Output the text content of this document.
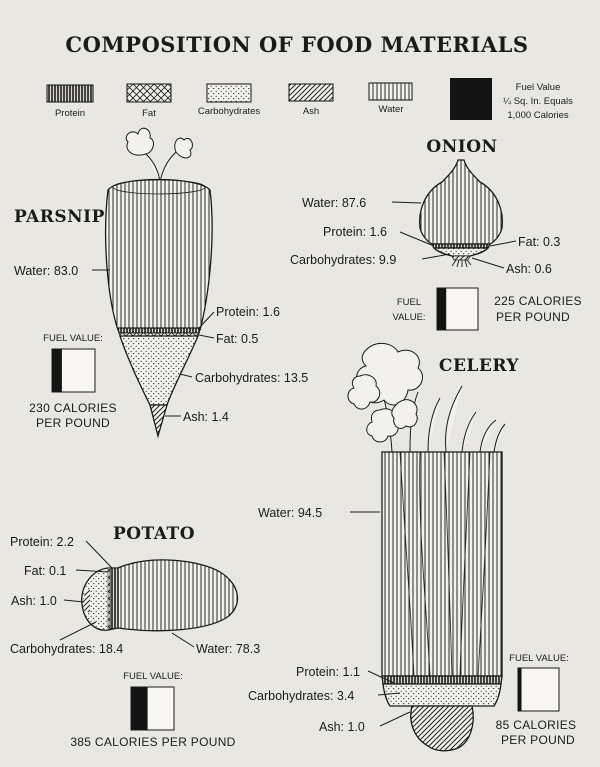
COMPOSITION OF FOOD MATERIALS
Protein	Fat	Carbohydrates	Ash	Water
Fuel Value
¼ Sq. In. Equals
1,000 Calories
PARSNIP
Water: 83.0
Protein: 1.6
Fat: 0.5
Carbohydrates: 13.5
Ash: 1.4
FUEL VALUE:
230 CALORIES
PER POUND
ONION
Water: 87.6
Protein: 1.6
Carbohydrates: 9.9
Fat: 0.3
Ash: 0.6
FUEL
VALUE:
225 CALORIES
PER POUND
CELERY
Water: 94.5
Protein: 1.1
Carbohydrates: 3.4
Ash: 1.0
FUEL VALUE:
85 CALORIES
PER POUND
POTATO
Protein: 2.2
Fat: 0.1
Ash: 1.0
Carbohydrates: 18.4	Water: 78.3
FUEL VALUE:
385 CALORIES PER POUND
